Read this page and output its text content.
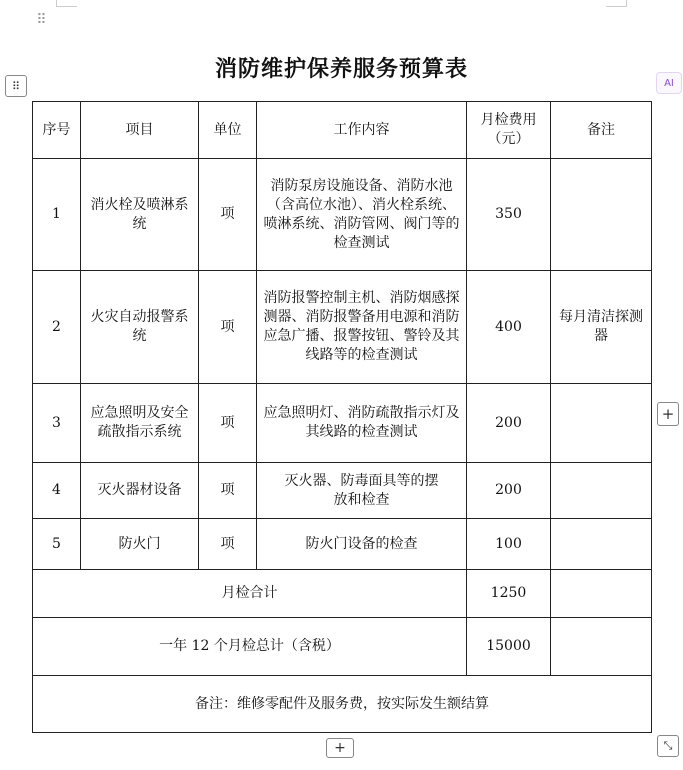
⠿
⠿	AI
消防维护保养服务预算表
序号	项目	单位	工作内容	月检费用（元）	备注
1	消火栓及喷淋系统	项	消防泵房设施设备、消防水池（含高位水池）、消火栓系统、喷淋系统、消防管网、阀门等的检查测试	350	
2	火灾自动报警系统	项	消防报警控制主机、消防烟感探测器、消防报警备用电源和消防应急广播、报警按钮、警铃及其线路等的检查测试	400	每月清洁探测器
3	应急照明及安全疏散指示系统	项	应急照明灯、消防疏散指示灯及其线路的检查测试	200	
4	灭火器材设备	项	灭火器、防毒面具等的摆放和检查	200	
5	防火门	项	防火门设备的检查	100	
月检合计				1250	
一年 12 个月检总计（含税）				15000	
备注：维修零配件及服务费，按实际发生额结算					
+
+	⤡
